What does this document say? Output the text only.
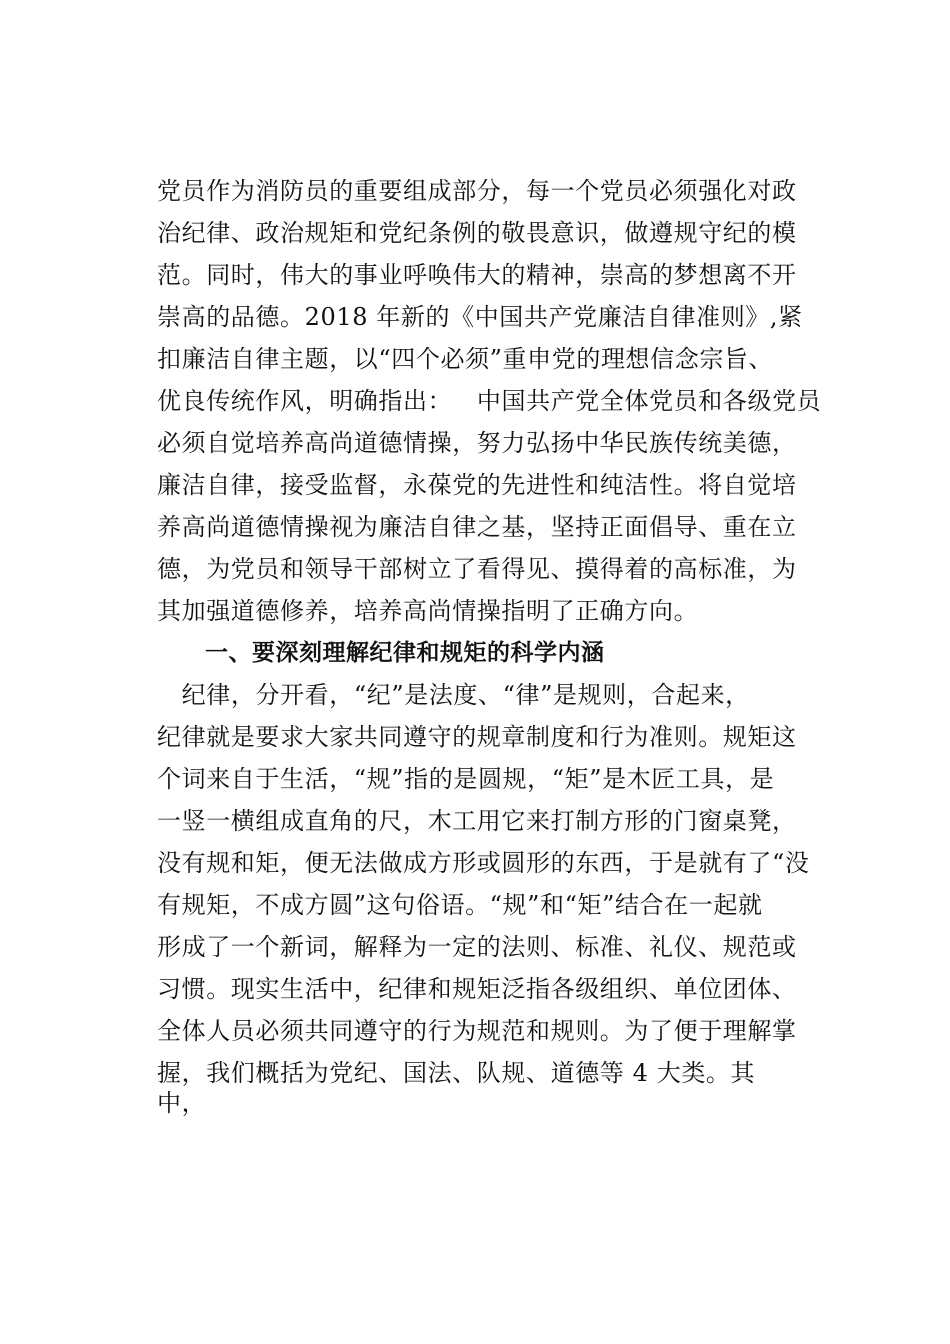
党员作为消防员的重要组成部分，每一个党员必须强化对政
治纪律、政治规矩和党纪条例的敬畏意识，做遵规守纪的模
范。同时，伟大的事业呼唤伟大的精神，崇高的梦想离不开
崇高的品德。2018 年新的《中国共产党廉洁自律准则》,紧
扣廉洁自律主题，以“四个必须”重申党的理想信念宗旨、
优良传统作风，明确指出：   中国共产党全体党员和各级党员
必须自觉培养高尚道德情操，努力弘扬中华民族传统美德，
廉洁自律，接受监督，永葆党的先进性和纯洁性。将自觉培
养高尚道德情操视为廉洁自律之基，坚持正面倡导、重在立
德，为党员和领导干部树立了看得见、摸得着的高标准，为
其加强道德修养，培养高尚情操指明了正确方向。
一、要深刻理解纪律和规矩的科学内涵
纪律，分开看，“纪”是法度、“律”是规则，合起来，
纪律就是要求大家共同遵守的规章制度和行为准则。规矩这
个词来自于生活，“规”指的是圆规，“矩”是木匠工具，是
一竖一横组成直角的尺，木工用它来打制方形的门窗桌凳，
没有规和矩，便无法做成方形或圆形的东西，于是就有了“没
有规矩，不成方圆”这句俗语。“规”和“矩”结合在一起就
形成了一个新词，解释为一定的法则、标准、礼仪、规范或
习惯。现实生活中，纪律和规矩泛指各级组织、单位团体、
全体人员必须共同遵守的行为规范和规则。为了便于理解掌
握，我们概括为党纪、国法、队规、道德等 4 大类。其
中，
